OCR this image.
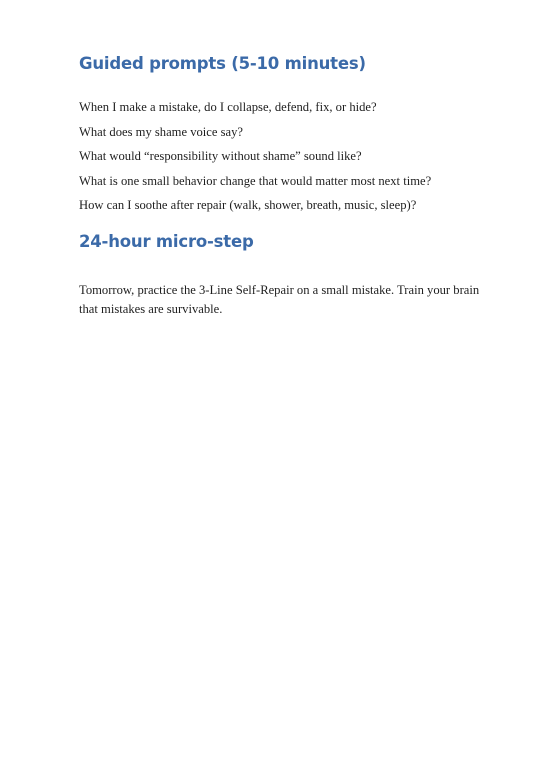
Guided prompts (5-10 minutes)
When I make a mistake, do I collapse, defend, fix, or hide?
What does my shame voice say?
What would “responsibility without shame” sound like?
What is one small behavior change that would matter most next time?
How can I soothe after repair (walk, shower, breath, music, sleep)?
24-hour micro-step

Tomorrow, practice the 3-Line Self-Repair on a small mistake. Train your brain that mistakes are survivable.
